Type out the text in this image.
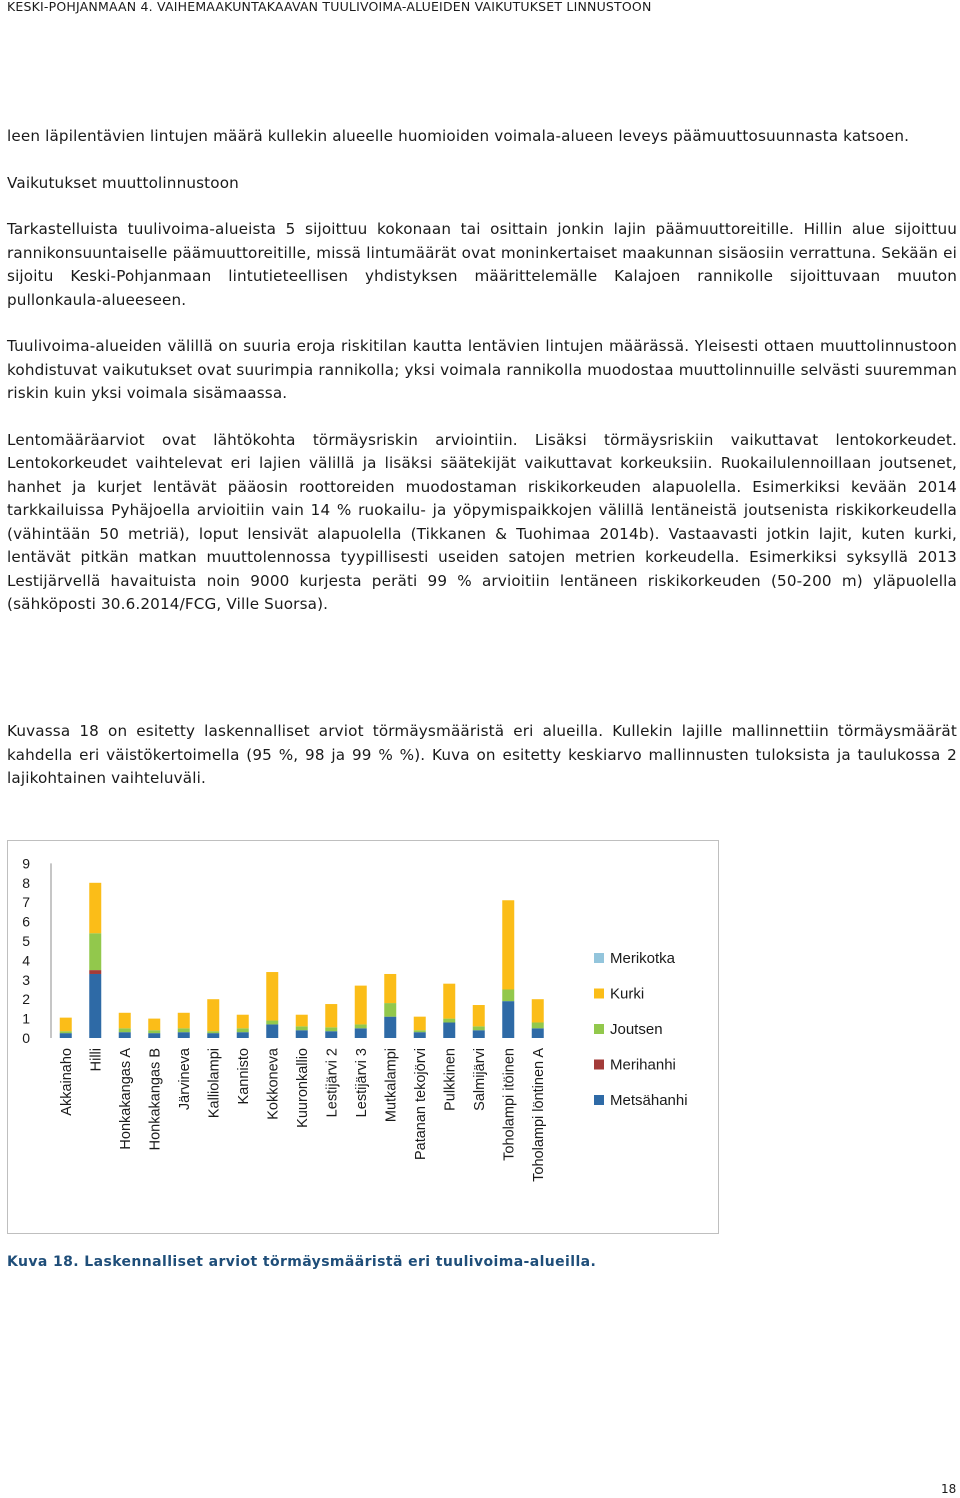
KESKI-POHJANMAAN 4. VAIHEMAAKUNTAKAAVAN TUULIVOIMA-ALUEIDEN VAIKUTUKSET LINNUSTOON

leen läpilentävien lintujen määrä kullekin alueelle huomioiden voimala-alueen leveys päämuuttosuunnasta katsoen.

Vaikutukset muuttolinnustoon

Tarkastelluista tuulivoima-alueista 5 sijoittuu kokonaan tai osittain jonkin lajin päämuuttoreitille. Hillin alue sijoittuu rannikonsuuntaiselle päämuuttoreitille, missä lintumäärät ovat moninkertaiset maakunnan sisäosiin verrattuna. Sekään ei sijoitu Keski-Pohjanmaan lintutieteellisen yhdistyksen määrittelemälle Kalajoen rannikolle sijoittuvaan muuton pullonkaula-alueeseen.

Tuulivoima-alueiden välillä on suuria eroja riskitilan kautta lentävien lintujen määrässä. Yleisesti ottaen muuttolinnustoon kohdistuvat vaikutukset ovat suurimpia rannikolla; yksi voimala rannikolla muodostaa muuttolinnuille selvästi suuremman riskin kuin yksi voimala sisämaassa.

Lentomääräarviot ovat lähtökohta törmäysriskin arviointiin. Lisäksi törmäysriskiin vaikuttavat lentokorkeudet. Lentokorkeudet vaihtelevat eri lajien välillä ja lisäksi säätekijät vaikuttavat korkeuksiin. Ruokailulennoillaan joutsenet, hanhet ja kurjet lentävät pääosin roottoreiden muodostaman riskikorkeuden alapuolella. Esimerkiksi kevään 2014 tarkkailuissa Pyhäjoella arvioitiin vain 14 % ruokailu- ja yöpymispaikkojen välillä lentäneistä joutsenista riskikorkeudella (vähintään 50 metriä), loput lensivät alapuolella (Tikkanen & Tuohimaa 2014b). Vastaavasti jotkin lajit, kuten kurki, lentävät pitkän matkan muuttolennossa tyypillisesti useiden satojen metrien korkeudella. Esimerkiksi syksyllä 2013 Lestijärvellä havaituista noin 9000 kurjesta peräti 99 % arvioitiin lentäneen riskikorkeuden (50-200 m) yläpuolella (sähköposti 30.6.2014/FCG, Ville Suorsa).

Kuvassa 18 on esitetty laskennalliset arviot törmäysmääristä eri alueilla. Kullekin lajille mallinnettiin törmäysmäärät kahdella eri väistökertoimella (95 %, 98 ja 99 % %). Kuva on esitetty keskiarvo mallinnusten tuloksista ja taulukossa 2 lajikohtainen vaihteluväli.

0
1
2
3
4
5
6
7
8
9
Akkainaho Hilli Honkakangas A Honkakangas B Järvineva Kalliolampi Kannisto Kokkoneva Kuuronkallio Lestijärvi 2 Lestijärvi 3 Mutkalampi Patanan tekojörvi Pulkkinen Salmijärvi Toholampi itöinen Toholampi löntinen A
Merikotka
Kurki
Joutsen
Merihanhi
Metsähanhi
Kuva 18. Laskennalliset arviot törmäysmääristä eri tuulivoima-alueilla.
18
